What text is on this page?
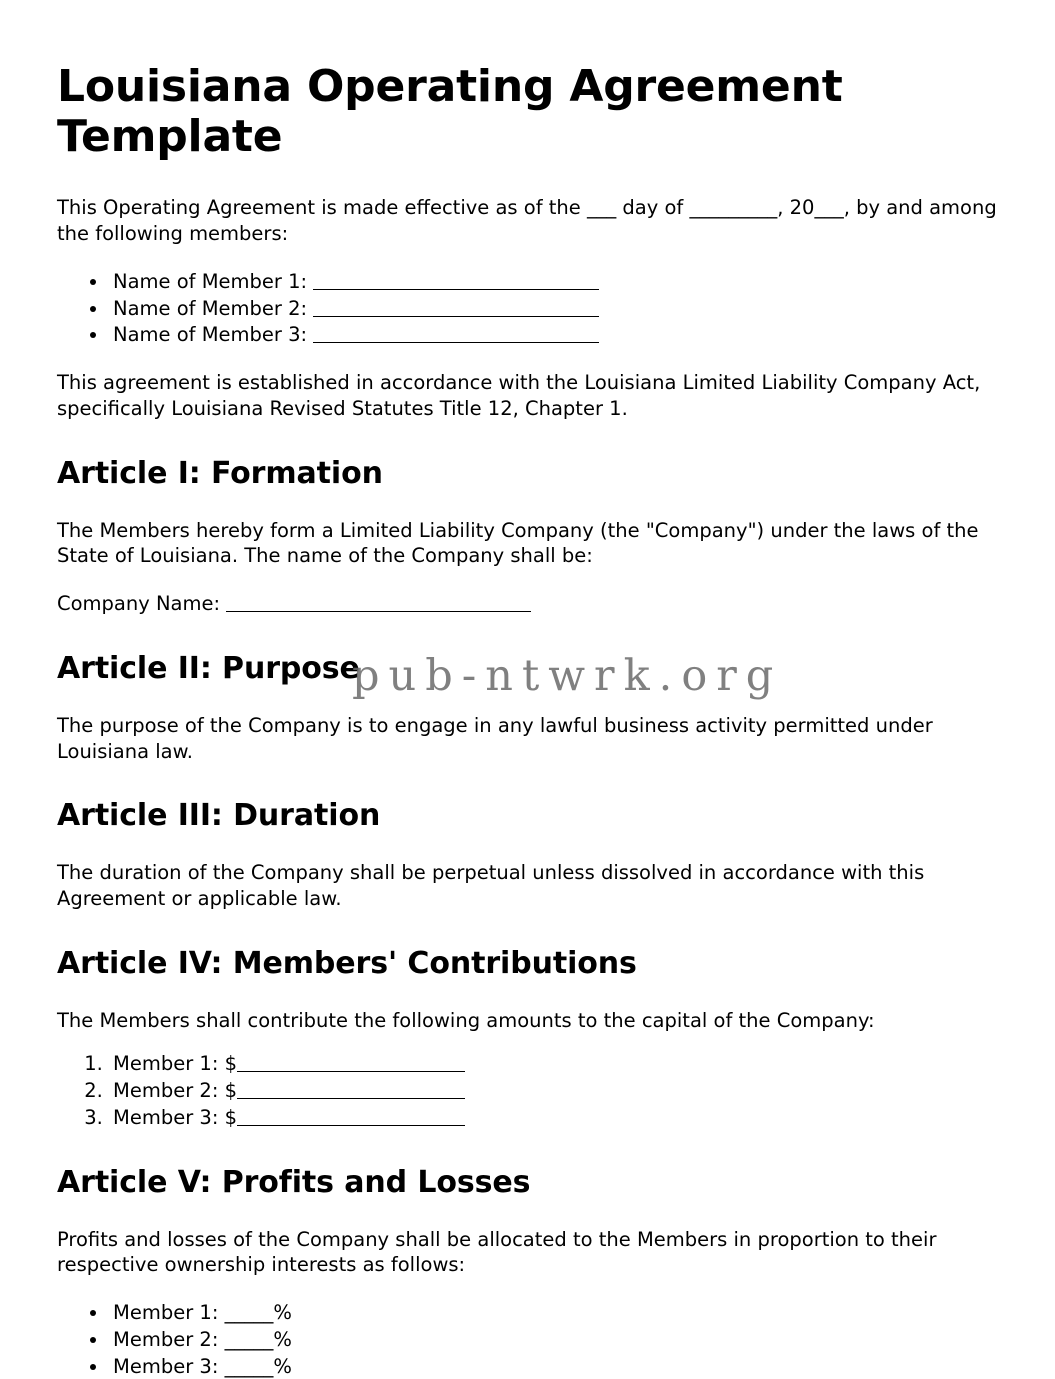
pub-ntwrk.org
Louisiana Operating Agreement Template

This Operating Agreement is made effective as of the ___ day of _________, 20___, by and among the following members:

• Name of Member 1:
• Name of Member 2:
• Name of Member 3:

This agreement is established in accordance with the Louisiana Limited Liability Company Act, specifically Louisiana Revised Statutes Title 12, Chapter 1.

Article I: Formation

The Members hereby form a Limited Liability Company (the "Company") under the laws of the State of Louisiana. The name of the Company shall be:

Company Name:

Article II: Purpose

The purpose of the Company is to engage in any lawful business activity permitted under Louisiana law.

Article III: Duration

The duration of the Company shall be perpetual unless dissolved in accordance with this Agreement or applicable law.

Article IV: Members' Contributions

The Members shall contribute the following amounts to the capital of the Company:

1. Member 1: $
2. Member 2: $
3. Member 3: $
Article V: Profits and Losses

Profits and losses of the Company shall be allocated to the Members in proportion to their respective ownership interests as follows:

• Member 1: _____%
• Member 2: _____%
• Member 3: _____%
